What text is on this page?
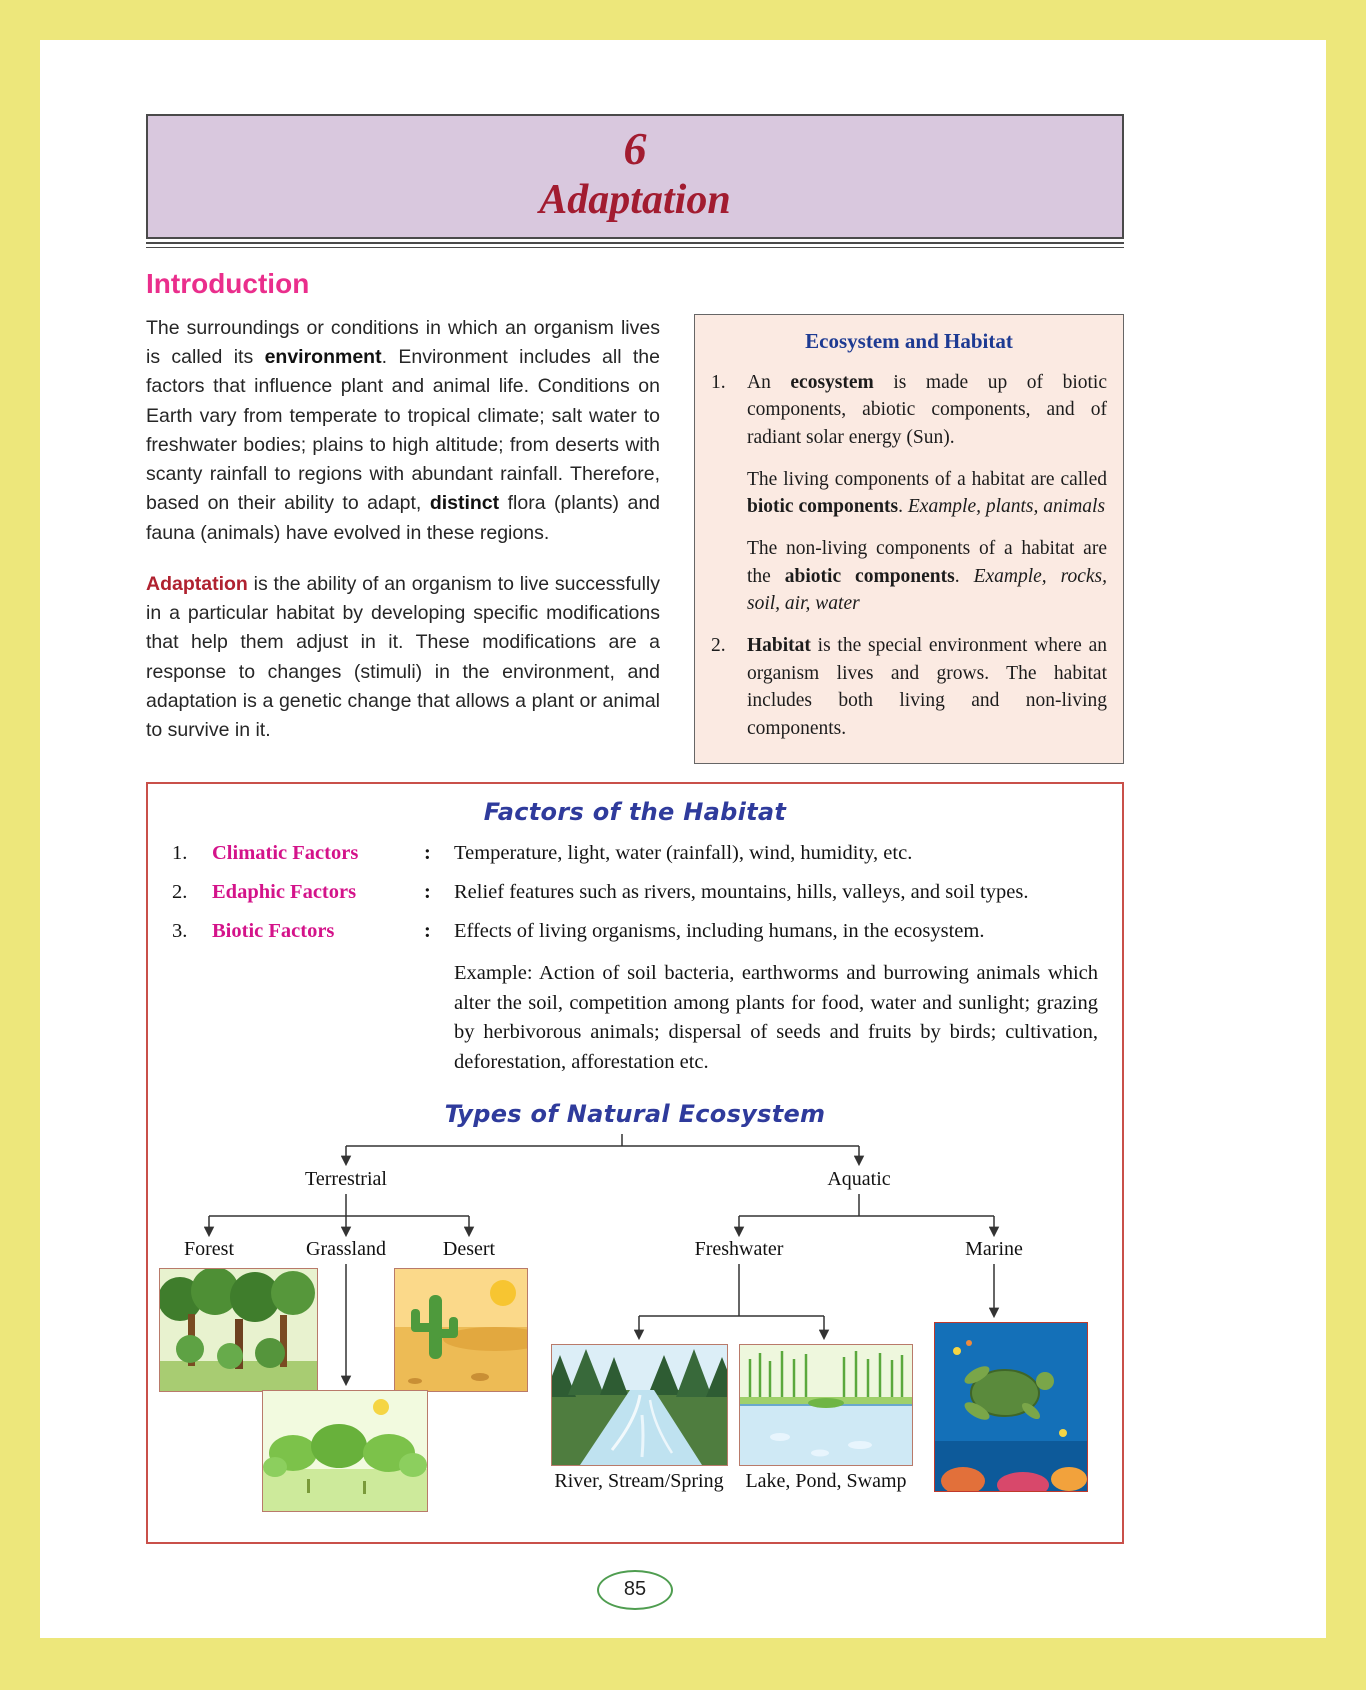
6
Adaptation
Introduction

The surroundings or conditions in which an organism lives is called its environment. Environment includes all the factors that influence plant and animal life. Conditions on Earth vary from temperate to tropical climate; salt water to freshwater bodies; plains to high altitude; from deserts with scanty rainfall to regions with abundant rainfall. Therefore, based on their ability to adapt, distinct flora (plants) and fauna (animals) have evolved in these regions.

Adaptation is the ability of an organism to live successfully in a particular habitat by developing specific modifications that help them adjust in it. These modifications are a response to changes (stimuli) in the environment, and adaptation is a genetic change that allows a plant or animal to survive in it.

Ecosystem and Habitat
1.	An ecosystem is made up of biotic components, abiotic components, and of radiant solar energy (Sun).

The living components of a habitat are called biotic components. Example, plants, animals

The non-living components of a habitat are the abiotic components. Example, rocks, soil, air, water

2.	Habitat is the special environment where an organism lives and grows. The habitat includes both living and non-living components.

Factors of the Habitat
1.	Climatic Factors	:	Temperature, light, water (rainfall), wind, humidity, etc.
2.	Edaphic Factors	:	Relief features such as rivers, mountains, hills, valleys, and soil types.
3.	Biotic Factors	:	Effects of living organisms, including humans, in the ecosystem.
Example: Action of soil bacteria, earthworms and burrowing animals which alter the soil, competition among plants for food, water and sunlight; grazing by herbivorous animals; dispersal of seeds and fruits by birds; cultivation, deforestation, afforestation etc.
Types of Natural Ecosystem
Terrestrial	Aquatic
Forest	Grassland	Desert	Freshwater	Marine
River, Stream/Spring Lake, Pond, Swamp
85
